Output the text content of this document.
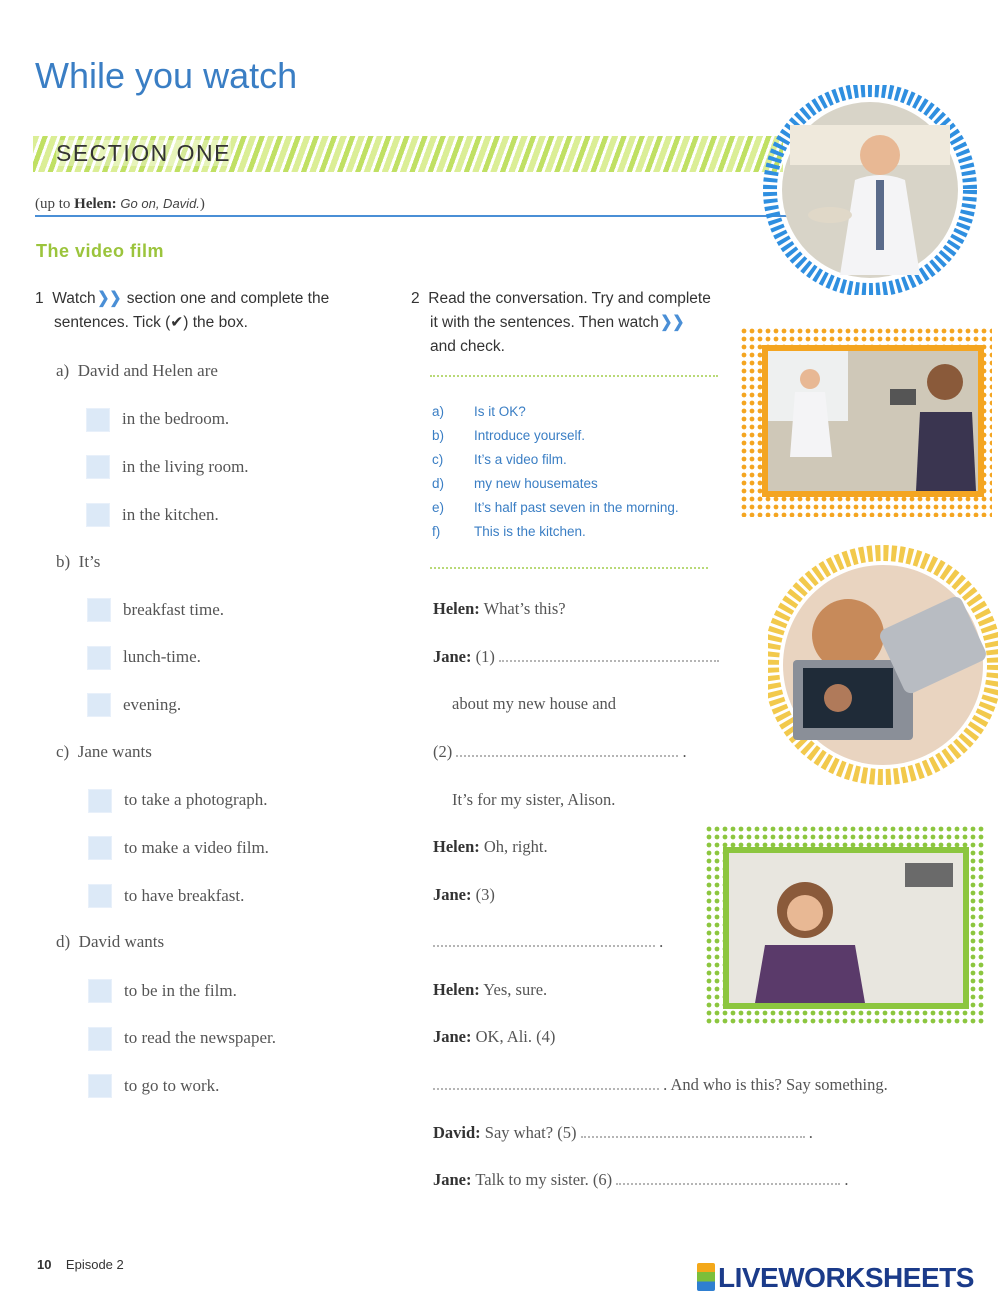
While you watch
SECTION ONE
(up to Helen: Go on, David.)
The video film
1 Watch❯❯ section one and complete the
sentences. Tick (✔) the box.
a) David and Helen are
in the bedroom.
in the living room.
in the kitchen.
b) It’s
breakfast time.
lunch-time.
evening.
c) Jane wants
to take a photograph.
to make a video film.
to have breakfast.
d) David wants
to be in the film.
to read the newspaper.
to go to work.
2 Read the conversation. Try and complete
it with the sentences. Then watch❯❯
and check.
a) Is it OK?
b) Introduce yourself.
c) It’s a video film.
d) my new housemates
e) It’s half past seven in the morning.
f)	This is the kitchen.
Helen: What’s this?
Jane: (1)
about my new house and
(2)	.
It’s for my sister, Alison.
Helen: Oh, right.
Jane: (3)
.
Helen: Yes, sure.
Jane: OK, Ali. (4)
. And who is this? Say something.
David: Say what? (5)	.
Jane: Talk to my sister. (6)	.
10 Episode 2	LIVEWORKSHEETS
